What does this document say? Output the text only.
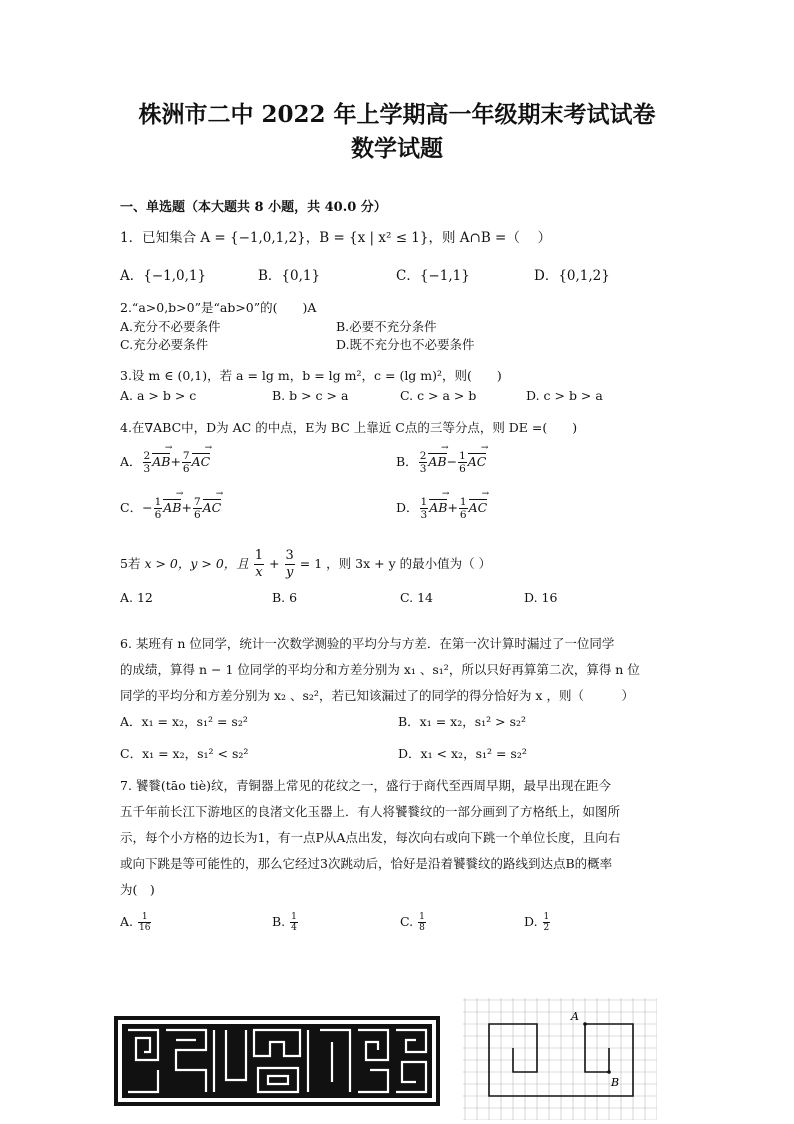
株洲市二中 2022 年上学期高一年级期末考试试卷
数学试题
一、单选题（本大题共 8 小题，共 40.0 分）
1．已知集合 A = {−1,0,1,2}，B = {x | x² ≤ 1}，则 A∩B =（　 ）
A．{−1,0,1}	B．{0,1}	C．{−1,1}	D．{0,1,2}
2.“a>0,b>0”是“ab>0”的(　　)A
A.充分不必要条件	B.必要不充分条件
C.充分必要条件	D.既不充分也不必要条件
3.设 m ∈ (0,1)，若 a = lg m，b = lg m²，c = (lg m)²，则(　　)
A. a > b > c	B. b > c > a	C. c > a > b	D. c > b > a
4.在∇ABC中，D为 AC 的中点，E为 BC 上靠近 C点的三等分点，则 DE =(　　)
A． $\frac{2}{3}$ AB →+ $\frac{7}{6}$ AC →	B． $\frac{2}{3}$ AB →− $\frac{1}{6}$ AC →
C．− $\frac{1}{6}$ AB →+ $\frac{7}{6}$ AC →	D． $\frac{1}{3}$ AB →+ $\frac{1}{6}$ AC →
5若 x > 0，y > 0，且 $\frac{1}{x} + \frac{3}{y} = 1$ ，则 3x + y 的最小值为（ ）
A. 12	B. 6	C. 14	D. 16
6. 某班有 n 位同学，统计一次数学测验的平均分与方差．在第一次计算时漏过了一位同学
的成绩，算得 n − 1 位同学的平均分和方差分别为 x₁ 、s₁²，所以只好再算第二次，算得 n 位
同学的平均分和方差分别为 x₂ 、s₂²，若已知该漏过了的同学的得分恰好为 x ，则（　　　）
A．x₁ = x₂，s₁² = s₂²	B．x₁ = x₂，s₁² > s₂²
C．x₁ = x₂，s₁² < s₂²	D．x₁ < x₂，s₁² = s₂²
7. 饕餮(tāo tiè)纹，青铜器上常见的花纹之一，盛行于商代至西周早期，最早出现在距今
五千年前长江下游地区的良渚文化玉器上．有人将饕餮纹的一部分画到了方格纸上，如图所
示，每个小方格的边长为1，有一点P从A点出发，每次向右或向下跳一个单位长度，且向右
或向下跳是等可能性的，那么它经过3次跳动后，恰好是沿着饕餮纹的路线到达点B的概率
为(　)
A. $\frac{1}{16}$	B. $\frac{1}{4}$	C. $\frac{1}{8}$	D. $\frac{1}{2}$
A
B
